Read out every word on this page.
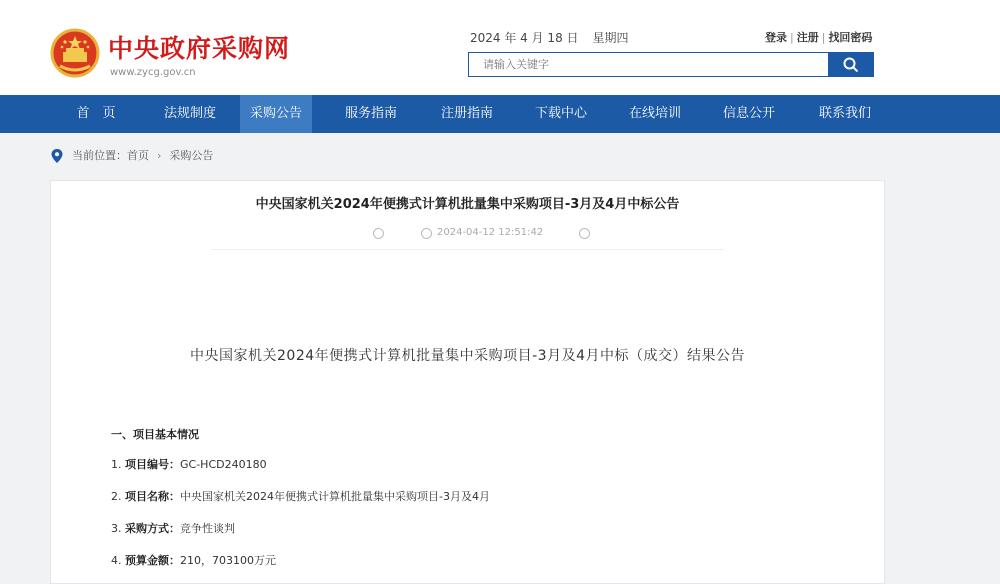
中央政府采购网
www.zycg.gov.cn
2024 年 4 月 18 日 星期四	登录 | 注册 | 找回密码
请输入关键字
首　页	法规制度	采购公告	服务指南	注册指南	下载中心	在线培训	信息公开	联系我们
当前位置： 首页 › 采购公告
中央国家机关2024年便携式计算机批量集中采购项目-3月及4月中标公告
2024-04-12 12:51:42
中央国家机关2024年便携式计算机批量集中采购项目-3月及4月中标（成交）结果公告
一、项目基本情况
1. 项目编号：GC-HCD240180
2. 项目名称：中央国家机关2024年便携式计算机批量集中采购项目-3月及4月
3. 采购方式：竞争性谈判
4. 预算金额：210，703100万元
